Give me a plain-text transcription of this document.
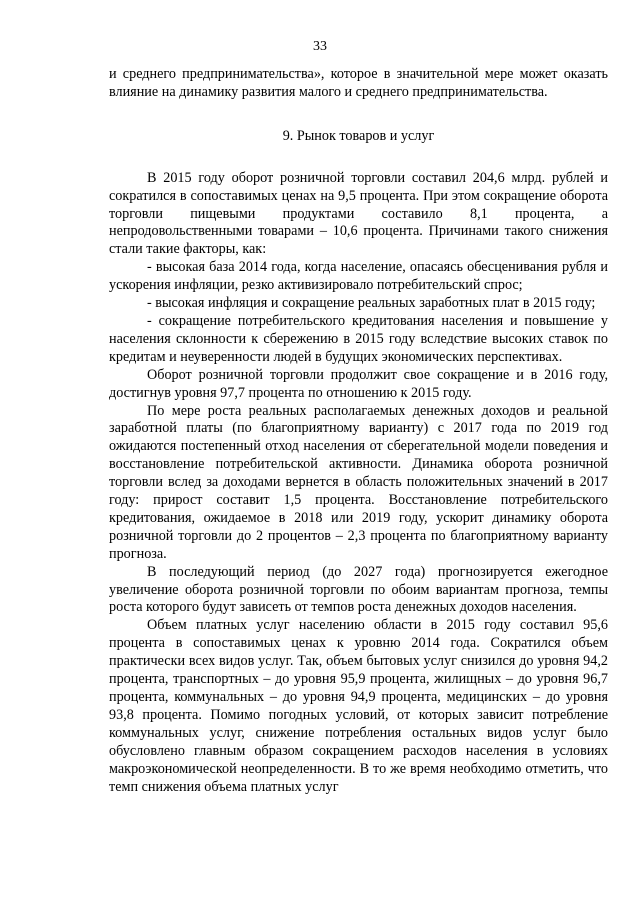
33

и среднего предпринимательства», которое в значительной мере может оказать влияние на динамику развития малого и среднего предпринимательства.

9. Рынок товаров и услуг

В 2015 году оборот розничной торговли составил 204,6 млрд. рублей и сократился в сопоставимых ценах на 9,5 процента. При этом сокращение оборота торговли пищевыми продуктами составило 8,1 процента, а непродовольственными товарами – 10,6 процента. Причинами такого снижения стали такие факторы, как:

- высокая база 2014 года, когда население, опасаясь обесценивания рубля и ускорения инфляции, резко активизировало потребительский спрос;

- высокая инфляция и сокращение реальных заработных плат в 2015 году;

- сокращение потребительского кредитования населения и повышение у населения склонности к сбережению в 2015 году вследствие высоких ставок по кредитам и неуверенности людей в будущих экономических перспективах.

Оборот розничной торговли продолжит свое сокращение и в 2016 году, достигнув уровня 97,7 процента по отношению к 2015 году.

По мере роста реальных располагаемых денежных доходов и реальной заработной платы (по благоприятному варианту) с 2017 года по 2019 год ожидаются постепенный отход населения от сберегательной модели поведения и восстановление потребительской активности. Динамика оборота розничной торговли вслед за доходами вернется в область положительных значений в 2017 году: прирост составит 1,5 процента. Восстановление потребительского кредитования, ожидаемое в 2018 или 2019 году, ускорит динамику оборота розничной торговли до 2 процентов – 2,3 процента по благоприятному варианту прогноза.

В последующий период (до 2027 года) прогнозируется ежегодное увеличение оборота розничной торговли по обоим вариантам прогноза, темпы роста которого будут зависеть от темпов роста денежных доходов населения.

Объем платных услуг населению области в 2015 году составил 95,6 процента в сопоставимых ценах к уровню 2014 года. Сократился объем практически всех видов услуг. Так, объем бытовых услуг снизился до уровня 94,2 процента, транспортных – до уровня 95,9 процента, жилищных – до уровня 96,7 процента, коммунальных – до уровня 94,9 процента, медицинских – до уровня 93,8 процента. Помимо погодных условий, от которых зависит потребление коммунальных услуг, снижение потребления остальных видов услуг было обусловлено главным образом сокращением расходов населения в условиях макроэкономической неопределенности. В то же время необходимо отметить, что темп снижения объема платных услуг
